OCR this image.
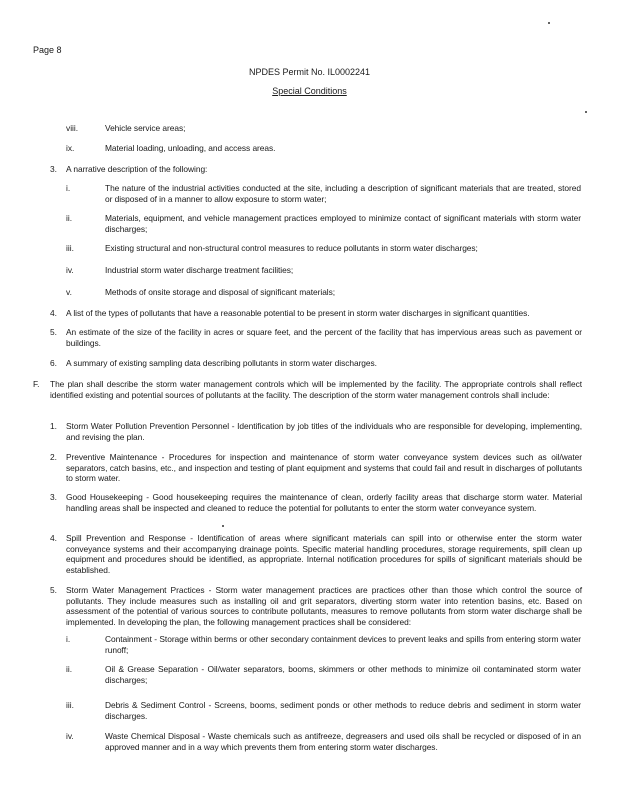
Page 8
NPDES Permit No. IL0002241
Special Conditions
viii.	Vehicle service areas;
ix.	Material loading, unloading, and access areas.
3. A narrative description of the following:
i.	The nature of the industrial activities conducted at the site, including a description of significant materials that are treated, stored or disposed of in a manner to allow exposure to storm water;
ii.	Materials, equipment, and vehicle management practices employed to minimize contact of significant materials with storm water discharges;
iii.	Existing structural and non-structural control measures to reduce pollutants in storm water discharges;
iv.	Industrial storm water discharge treatment facilities;
v.	Methods of onsite storage and disposal of significant materials;
4. A list of the types of pollutants that have a reasonable potential to be present in storm water discharges in significant quantities.
5. An estimate of the size of the facility in acres or square feet, and the percent of the facility that has impervious areas such as pavement or buildings.
6. A summary of existing sampling data describing pollutants in storm water discharges.
F. The plan shall describe the storm water management controls which will be implemented by the facility. The appropriate controls shall reflect identified existing and potential sources of pollutants at the facility. The description of the storm water management controls shall include:
1. Storm Water Pollution Prevention Personnel - Identification by job titles of the individuals who are responsible for developing, implementing, and revising the plan.
2. Preventive Maintenance - Procedures for inspection and maintenance of storm water conveyance system devices such as oil/water separators, catch basins, etc., and inspection and testing of plant equipment and systems that could fail and result in discharges of pollutants to storm water.
3. Good Housekeeping - Good housekeeping requires the maintenance of clean, orderly facility areas that discharge storm water. Material handling areas shall be inspected and cleaned to reduce the potential for pollutants to enter the storm water conveyance system.
4. Spill Prevention and Response - Identification of areas where significant materials can spill into or otherwise enter the storm water conveyance systems and their accompanying drainage points. Specific material handling procedures, storage requirements, spill clean up equipment and procedures should be identified, as appropriate. Internal notification procedures for spills of significant materials should be established.
5. Storm Water Management Practices - Storm water management practices are practices other than those which control the source of pollutants. They include measures such as installing oil and grit separators, diverting storm water into retention basins, etc. Based on assessment of the potential of various sources to contribute pollutants, measures to remove pollutants from storm water discharge shall be implemented. In developing the plan, the following management practices shall be considered:
i.	Containment - Storage within berms or other secondary containment devices to prevent leaks and spills from entering storm water runoff;
ii.	Oil & Grease Separation - Oil/water separators, booms, skimmers or other methods to minimize oil contaminated storm water discharges;
iii.	Debris & Sediment Control - Screens, booms, sediment ponds or other methods to reduce debris and sediment in storm water discharges.
iv.	Waste Chemical Disposal - Waste chemicals such as antifreeze, degreasers and used oils shall be recycled or disposed of in an approved manner and in a way which prevents them from entering storm water discharges.
